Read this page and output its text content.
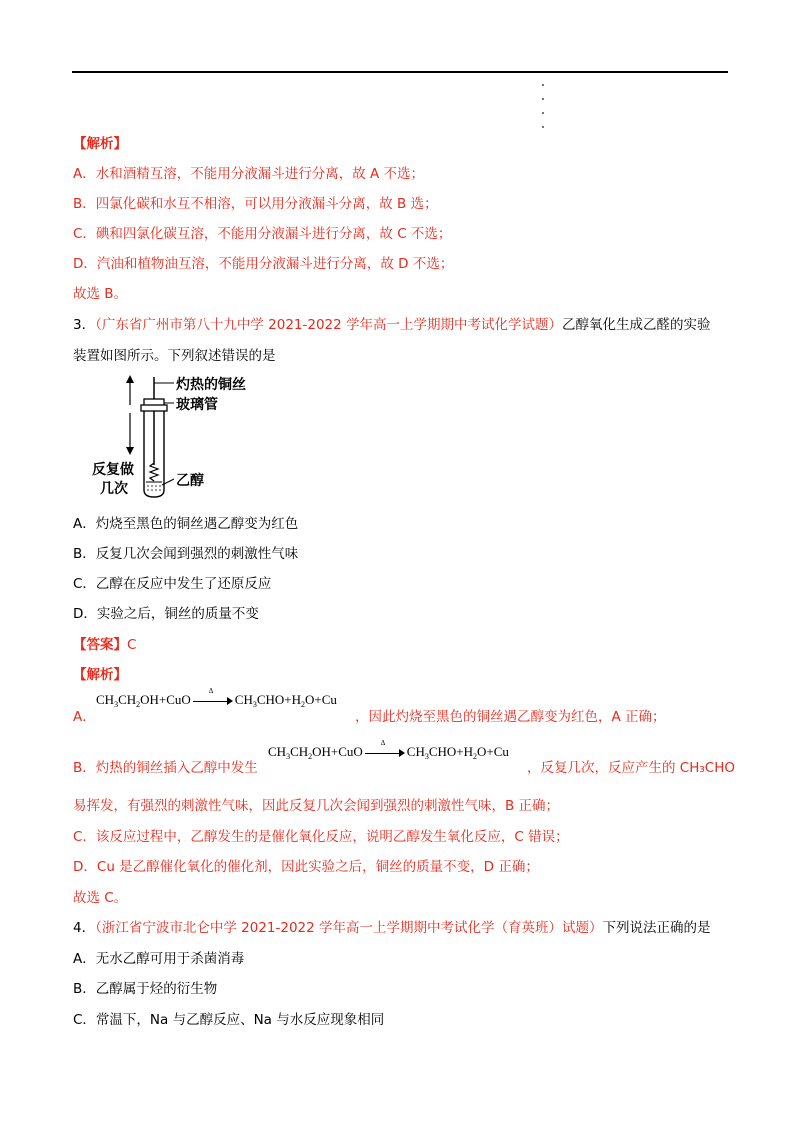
【解析】
A．水和酒精互溶，不能用分液漏斗进行分离，故 A 不选；
B．四氯化碳和水互不相溶，可以用分液漏斗分离，故 B 选；
C．碘和四氯化碳互溶，不能用分液漏斗进行分离，故 C 不选；
D．汽油和植物油互溶，不能用分液漏斗进行分离，故 D 不选；
故选 B。
3．（广东省广州市第八十九中学 2021-2022 学年高一上学期期中考试化学试题）乙醇氧化生成乙醛的实验
装置如图所示。下列叙述错误的是
灼热的铜丝
玻璃管
反复做
几次	乙醇
A．灼烧至黑色的铜丝遇乙醇变为红色
B．反复几次会闻到强烈的刺激性气味
C．乙醇在反应中发生了还原反应
D．实验之后，铜丝的质量不变
【答案】C
【解析】
A．
$CH_3CH_2OH+CuO$
Δ
$CH_3CHO+H_2O+Cu$
，因此灼烧至黑色的铜丝遇乙醇变为红色，A 正确；
B．灼热的铜丝插入乙醇中发生
$CH_3CH_2OH+CuO$
Δ
$CH_3CHO+H_2O+Cu$
，反复几次，反应产生的 CH₃CHO
易挥发，有强烈的刺激性气味，因此反复几次会闻到强烈的刺激性气味，B 正确；
C．该反应过程中，乙醇发生的是催化氧化反应，说明乙醇发生氧化反应，C 错误；
D．Cu 是乙醇催化氧化的催化剂，因此实验之后，铜丝的质量不变，D 正确；
故选 C。
4．（浙江省宁波市北仑中学 2021-2022 学年高一上学期期中考试化学（育英班）试题）下列说法正确的是
A．无水乙醇可用于杀菌消毒
B．乙醇属于烃的衍生物
C．常温下，Na 与乙醇反应、Na 与水反应现象相同
